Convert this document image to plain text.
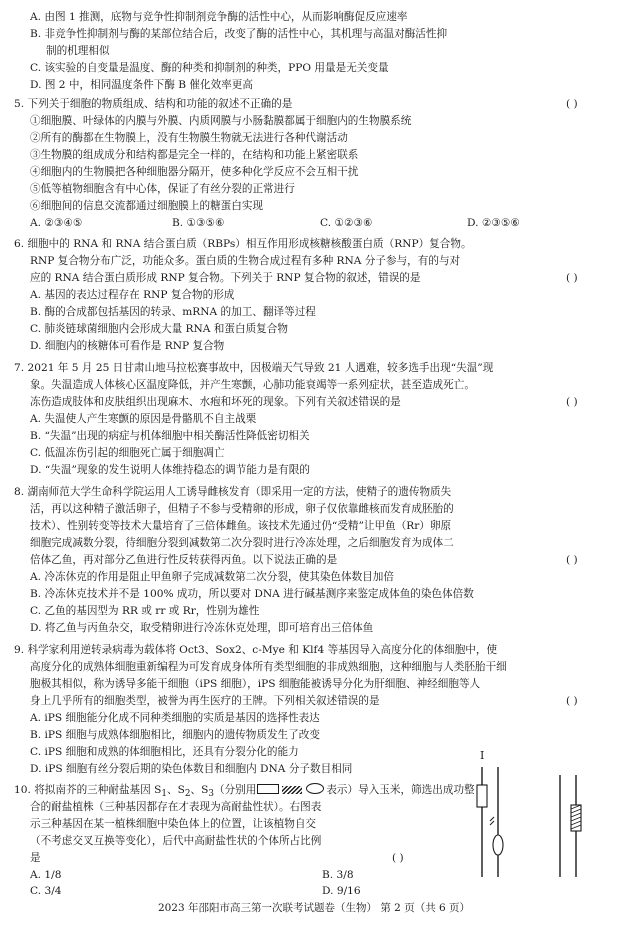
A. 由图 1 推测，底物与竞争性抑制剂竞争酶的活性中心，从而影响酶促反应速率
B. 非竞争性抑制剂与酶的某部位结合后，改变了酶的活性中心，其机理与高温对酶活性抑
制的机理相似
C. 该实验的自变量是温度、酶的种类和抑制剂的种类，PPO 用量是无关变量
D. 图 2 中，相同温度条件下酶 B 催化效率更高
5. 下列关于细胞的物质组成、结构和功能的叙述不正确的是	( )
①细胞膜、叶绿体的内膜与外膜、内质网膜与小肠黏膜都属于细胞内的生物膜系统
②所有的酶都在生物膜上，没有生物膜生物就无法进行各种代谢活动
③生物膜的组成成分和结构都是完全一样的，在结构和功能上紧密联系
④细胞内的生物膜把各种细胞器分隔开，使多种化学反应不会互相干扰
⑤低等植物细胞含有中心体，保证了有丝分裂的正常进行
⑥细胞间的信息交流都通过细胞膜上的糖蛋白实现
A. ②③④⑤	B. ①③⑤⑥	C. ①②③⑥	D. ②③⑤⑥
6. 细胞中的 RNA 和 RNA 结合蛋白质（RBPs）相互作用形成核糖核酸蛋白质（RNP）复合物。
RNP 复合物分布广泛，功能众多。蛋白质的生物合成过程有多种 RNA 分子参与，有的与对
应的 RNA 结合蛋白质形成 RNP 复合物。下列关于 RNP 复合物的叙述，错误的是	( )
A. 基因的表达过程存在 RNP 复合物的形成
B. 酶的合成都包括基因的转录、mRNA 的加工、翻译等过程
C. 肺炎链球菌细胞内会形成大量 RNA 和蛋白质复合物
D. 细胞内的核糖体可看作是 RNP 复合物
7. 2021 年 5 月 25 日甘肃山地马拉松赛事故中，因极端天气导致 21 人遇难，较多选手出现“失温”现
象。失温造成人体核心区温度降低，并产生寒颤，心肺功能衰竭等一系列症状，甚至造成死亡。
冻伤造成肢体和皮肤组织出现麻木、水疱和坏死的现象。下列有关叙述错误的是	( )
A. 失温使人产生寒颤的原因是骨骼肌不自主战栗
B. “失温”出现的病症与机体细胞中相关酶活性降低密切相关
C. 低温冻伤引起的细胞死亡属于细胞凋亡
D. “失温”现象的发生说明人体维持稳态的调节能力是有限的
8. 湖南师范大学生命科学院运用人工诱导雌核发育（即采用一定的方法，使精子的遗传物质失
活，再以这种精子激活卵子，但精子不参与受精卵的形成，卵子仅依靠雌核而发育成胚胎的
技术）、性别转变等技术大量培育了三倍体雌鱼。该技术先通过仍“受精”让甲鱼（Rr）卵原
细胞完成减数分裂，待细胞分裂到减数第二次分裂时进行冷冻处理，之后细胞发育为成体二
倍体乙鱼，再对部分乙鱼进行性反转获得丙鱼。以下说法正确的是	( )
A. 冷冻休克的作用是阻止甲鱼卵子完成减数第二次分裂，使其染色体数目加倍
B. 冷冻休克技术并不是 100% 成功，所以要对 DNA 进行碱基测序来鉴定成体鱼的染色体倍数
C. 乙鱼的基因型为 RR 或 rr 或 Rr，性别为雄性
D. 将乙鱼与丙鱼杂交，取受精卵进行冷冻休克处理，即可培育出三倍体鱼
9. 科学家利用逆转录病毒为载体将 Oct3、Sox2、c-Mye 和 Klf4 等基因导入高度分化的体细胞中，使
高度分化的成熟体细胞重新编程为可发育成身体所有类型细胞的非成熟细胞，这种细胞与人类胚胎干细
胞极其相似，称为诱导多能干细胞（iPS 细胞），iPS 细胞能被诱导分化为肝细胞、神经细胞等人
身上几乎所有的细胞类型，被誉为再生医疗的王牌。下列相关叙述错误的是	( )
A. iPS 细胞能分化成不同种类细胞的实质是基因的选择性表达
B. iPS 细胞与成熟体细胞相比，细胞内的遗传物质发生了改变
C. iPS 细胞和成熟的体细胞相比，还具有分裂分化的能力
D. iPS 细胞有丝分裂后期的染色体数目和细胞内 DNA 分子数目相同
10. 将拟南芥的三种耐盐基因 $S_1$、$S_2$、$S_3$（分别用	表示）导入玉米，筛选出成功整
合的耐盐植株（三种基因都存在才表现为高耐盐性状）。右图表
示三种基因在某一植株细胞中染色体上的位置，让该植物自交
（不考虑交叉互换等变化），后代中高耐盐性状的个体所占比例
是	( )
A. 1/8	B. 3/8
C. 3/4	D. 9/16
I
2023 年邵阳市高三第一次联考试题卷（生物） 第 2 页（共 6 页）
